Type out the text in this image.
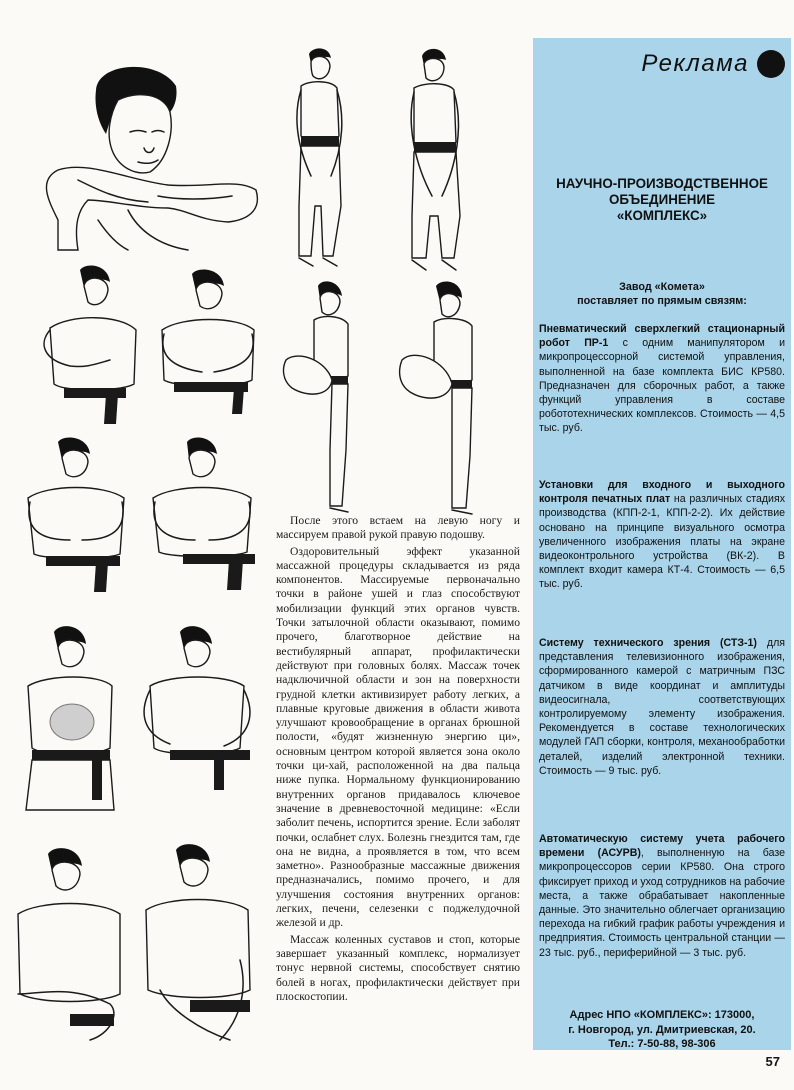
После этого встаем на левую ногу и массируем правой рукой правую подошву.

Оздоровительный эффект указанной массажной процедуры складывается из ряда компонентов. Массируемые первоначально точки в районе ушей и глаз способствуют мобилизации функций этих органов чувств. Точки затылочной области оказывают, помимо прочего, благотворное действие на вестибулярный аппарат, профилактически действуют при головных болях. Массаж точек надключичной области и зон на поверхности грудной клетки активизирует работу легких, а плавные круговые движения в области живота улучшают кровообращение в органах брюшной полости, «будят жизненную энергию ци», основным центром которой является зона около точки ци-хай, расположенной на два пальца ниже пупка. Нормальному функционированию внутренних органов придавалось ключевое значение в древневосточной медицине: «Если заболит печень, испортится зрение. Если заболят почки, ослабнет слух. Болезнь гнездится там, где она не видна, а проявляется в том, что всем заметно». Разнообразные массажные движения предназначались, помимо прочего, и для улучшения состояния внутренних органов: легких, печени, селезенки с поджелудочной железой и др.

Массаж коленных суставов и стоп, которые завершает указанный комплекс, нормализует тонус нервной системы, способствует снятию болей в ногах, профилактически действует при плоскостопии.

Реклама
НАУЧНО-ПРОИЗВОДСТВЕННОЕ
ОБЪЕДИНЕНИЕ
«КОМПЛЕКС»
Завод «Комета»
поставляет по прямым связям:
Пневматический сверхлегкий стационарный робот ПР-1 с одним манипулятором и микропроцессорной системой управления, выполненной на базе комплекта БИС КР580. Предназначен для сборочных работ, а также функций управления в составе робототехнических комплексов. Стоимость — 4,5 тыс. руб.
Установки для входного и выходного контроля печатных плат на различных стадиях производства (КПП-2-1, КПП-2-2). Их действие основано на принципе визуального осмотра увеличенного изображения платы на экране видеоконтрольного устройства (ВК-2). В комплект входит камера КТ-4. Стоимость — 6,5 тыс. руб.
Систему технического зрения (СТЗ-1) для представления телевизионного изображения, сформированного камерой с матричным ПЗС датчиком в виде координат и амплитуды видеосигнала, соответствующих контролируемому элементу изображения. Рекомендуется в составе технологических модулей ГАП сборки, контроля, механообработки деталей, изделий электронной техники. Стоимость — 9 тыс. руб.
Автоматическую систему учета рабочего времени (АСУРВ), выполненную на базе микропроцессоров серии КР580. Она строго фиксирует приход и уход сотрудников на рабочие места, а также обрабатывает накопленные данные. Это значительно облегчает организацию перехода на гибкий график работы учреждения и предприятия. Стоимость центральной станции — 23 тыс. руб., периферийной — 3 тыс. руб.
Адрес НПО «КОМПЛЕКС»: 173000,
г. Новгород, ул. Дмитриевская, 20.
Тел.: 7-50-88, 98-306
57
